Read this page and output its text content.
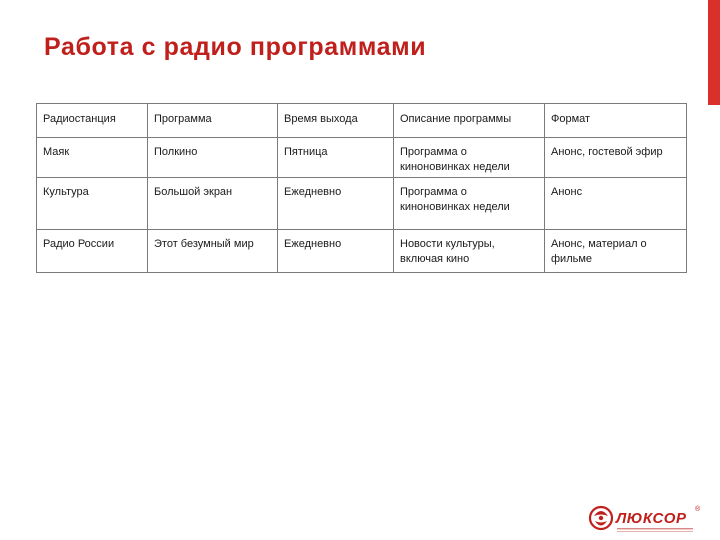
Работа с радио программами
Радиостанция	Программа	Время выхода	Описание программы	Формат
Маяк	Полкино	Пятница	Программа о киноновинках недели	Анонс, гостевой эфир
Культура	Большой экран	Ежедневно	Программа о киноновинках недели	Анонс
Радио России	Этот безумный мир	Ежедневно	Новости культуры, включая кино	Анонс, материал о фильме
ЛЮКСОР
®
